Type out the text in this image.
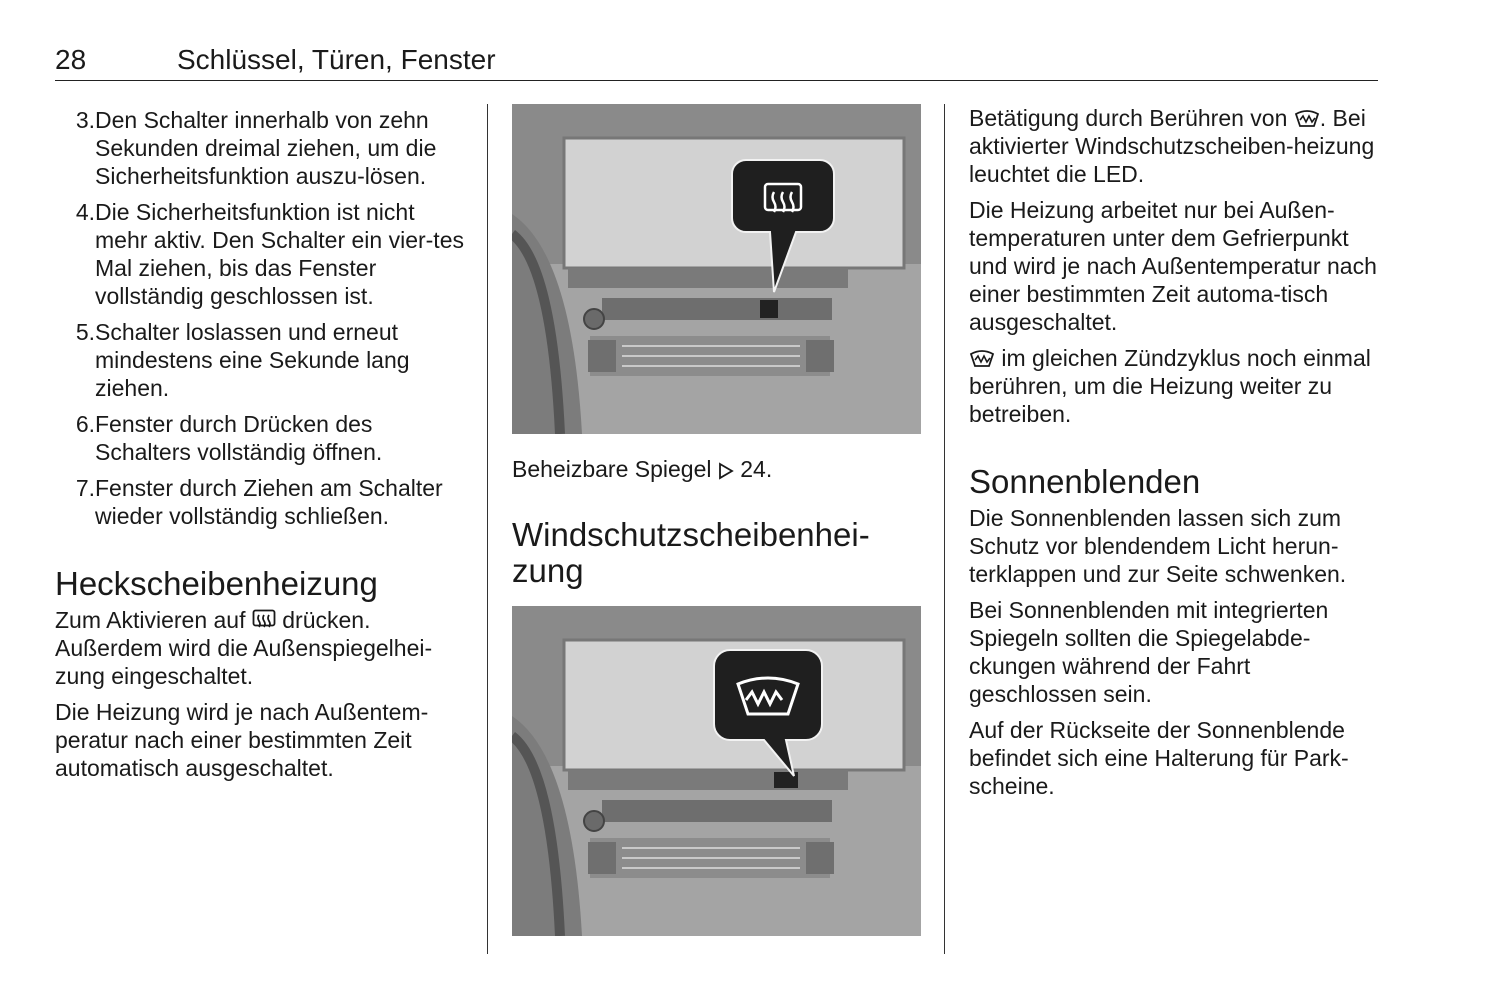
28	Schlüssel, Türen, Fenster
3. Den Schalter innerhalb von zehn Sekunden dreimal ziehen, um die Sicherheitsfunktion auszu-lösen.
4. Die Sicherheitsfunktion ist nicht mehr aktiv. Den Schalter ein vier-tes Mal ziehen, bis das Fenster vollständig geschlossen ist.
5. Schalter loslassen und erneut mindestens eine Sekunde lang ziehen.
6. Fenster durch Drücken des Schalters vollständig öffnen.
7. Fenster durch Ziehen am Schalter wieder vollständig schließen.
Heckscheibenheizung

Zum Aktivieren auf drücken. Außerdem wird die Außenspiegelhei-zung eingeschaltet.

Die Heizung wird je nach Außentem-peratur nach einer bestimmten Zeit automatisch ausgeschaltet.

Beheizbare Spiegel 24.

Windschutzscheibenhei-
zung

Betätigung durch Berühren von . Bei aktivierter Windschutzscheiben-heizung leuchtet die LED.

Die Heizung arbeitet nur bei Außen-temperaturen unter dem Gefrierpunkt und wird je nach Außentemperatur nach einer bestimmten Zeit automa-tisch ausgeschaltet.

im gleichen Zündzyklus noch einmal berühren, um die Heizung weiter zu betreiben.

Sonnenblenden

Die Sonnenblenden lassen sich zum Schutz vor blendendem Licht herun-terklappen und zur Seite schwenken.

Bei Sonnenblenden mit integrierten Spiegeln sollten die Spiegelabde-ckungen während der Fahrt geschlossen sein.

Auf der Rückseite der Sonnenblende befindet sich eine Halterung für Park-scheine.
